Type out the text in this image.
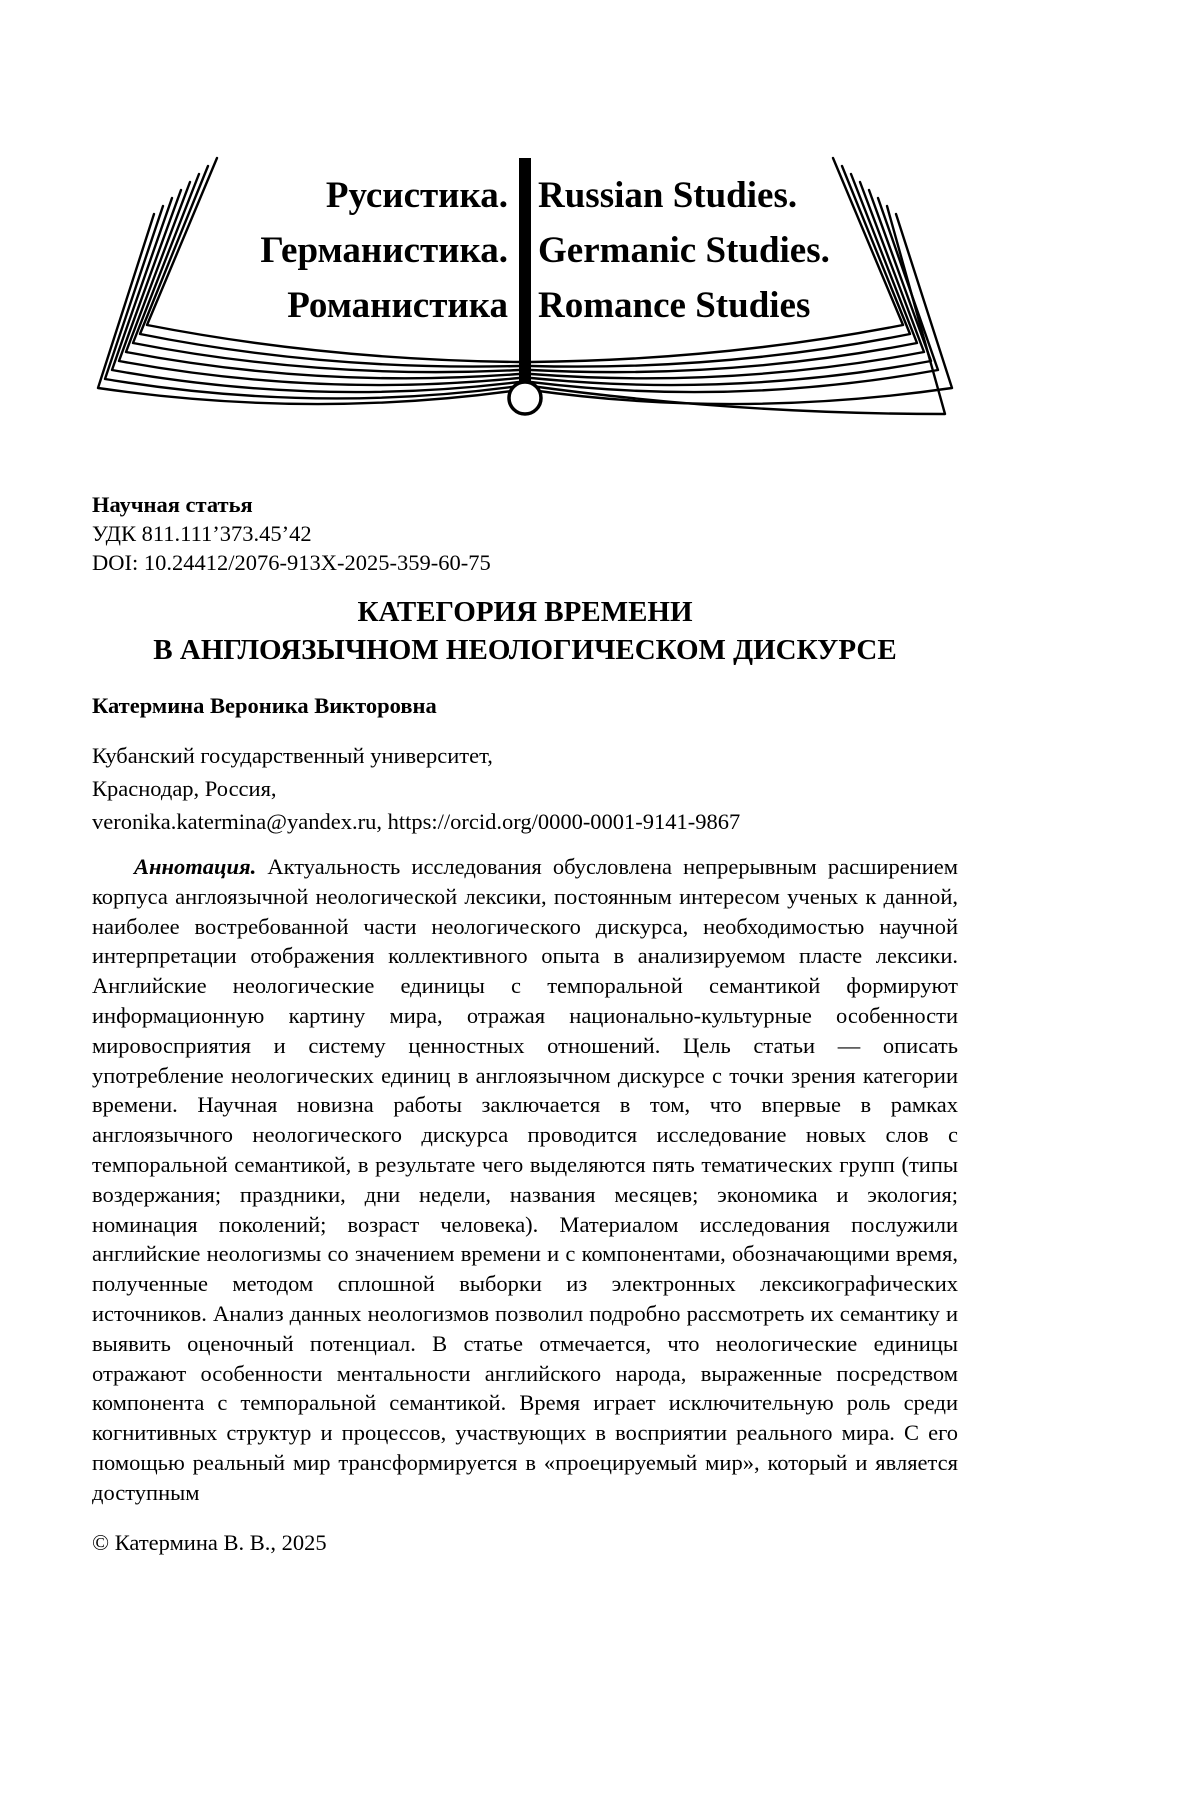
Русистика.
Германистика.
Романистика
Russian Studies.
Germanic Studies.
Romance Studies
Научная статья
УДК 811.111’373.45’42
DOI: 10.24412/2076-913X-2025-359-60-75
КАТЕГОРИЯ ВРЕМЕНИ
В АНГЛОЯЗЫЧНОМ НЕОЛОГИЧЕСКОМ ДИСКУРСЕ
Катермина Вероника Викторовна
Кубанский государственный университет,
Краснодар, Россия,
veronika.katermina@yandex.ru, https://orcid.org/0000-0001-9141-9867

Аннотация. Актуальность исследования обусловлена непрерывным расширением корпуса англоязычной неологической лексики, постоянным интересом ученых к данной, наиболее востребованной части неологического дискурса, необходимостью научной интерпретации отображения коллективного опыта в анализируемом пласте лексики. Английские неологические единицы с темпоральной семантикой формируют информационную картину мира, отражая национально-культурные особенности мировосприятия и систему ценностных отношений. Цель статьи — описать употребление неологических единиц в англоязычном дискурсе с точки зрения категории времени. Научная новизна работы заключается в том, что впервые в рамках англоязычного неологического дискурса проводится исследование новых слов с темпоральной семантикой, в результате чего выделяются пять тематических групп (типы воздержания; праздники, дни недели, названия месяцев; экономика и экология; номинация поколений; возраст человека). Материалом исследования послужили английские неологизмы со значением времени и с компонентами, обозначающими время, полученные методом сплошной выборки из электронных лексикографических источников. Анализ данных неологизмов позволил подробно рассмотреть их семантику и выявить оценочный потенциал. В статье отмечается, что неологические единицы отражают особенности ментальности английского народа, выраженные посредством компонента с темпоральной семантикой. Время играет исключительную роль среди когнитивных структур и процессов, участвующих в восприятии реального мира. С его помощью реальный мир трансформируется в «проецируемый мир», который и является доступным

© Катермина В. В., 2025
